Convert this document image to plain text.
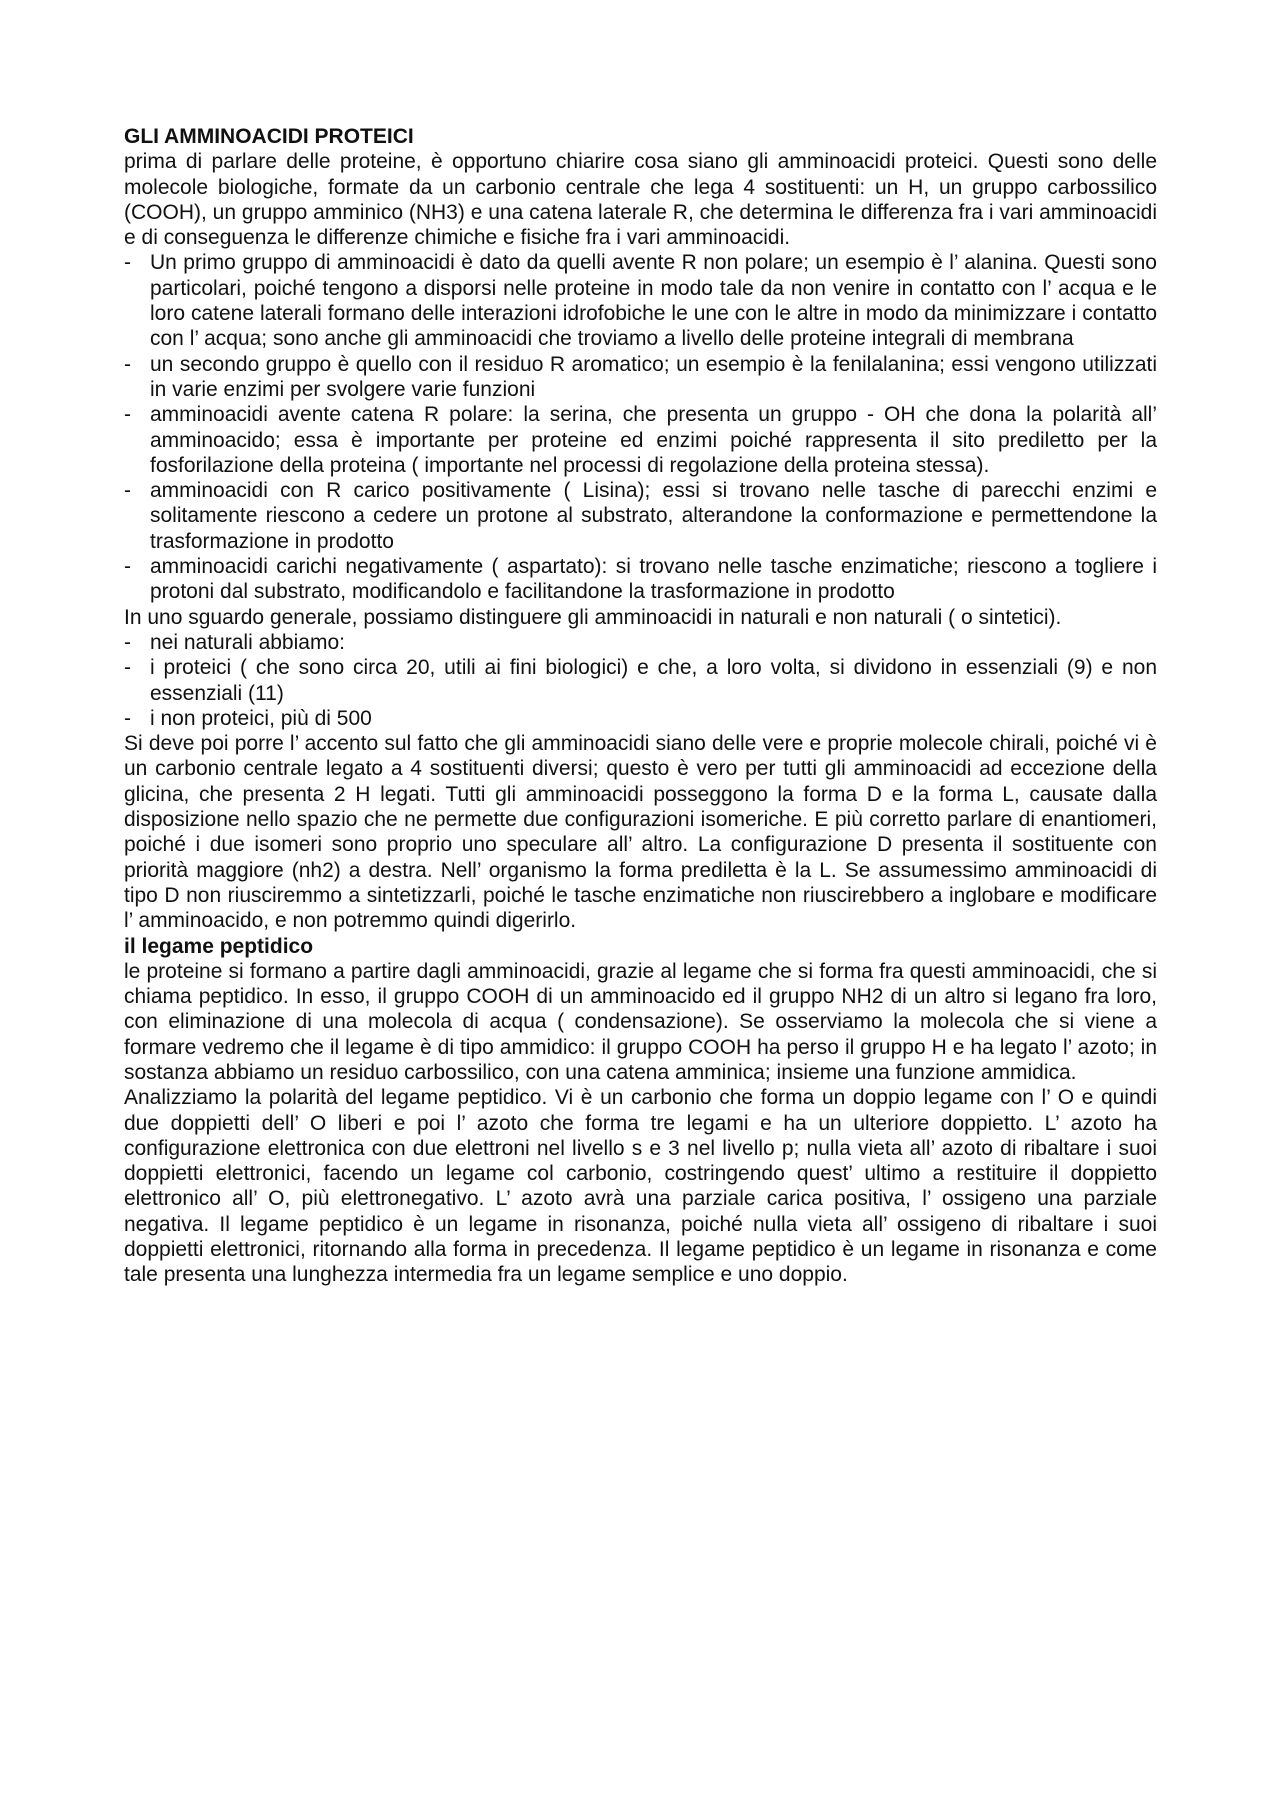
GLI AMMINOACIDI PROTEICI

prima di parlare delle proteine, è opportuno chiarire cosa siano gli amminoacidi proteici. Questi sono delle molecole biologiche, formate da un carbonio centrale che lega 4 sostituenti: un H, un gruppo carbossilico (COOH), un gruppo amminico (NH3) e una catena laterale R, che determina le differenza fra i vari amminoacidi e di conseguenza le differenze chimiche e fisiche fra i vari amminoacidi.

- Un primo gruppo di amminoacidi è dato da quelli avente R non polare; un esempio è l’ alanina. Questi sono particolari, poiché tengono a disporsi nelle proteine in modo tale da non venire in contatto con l’ acqua e le loro catene laterali formano delle interazioni idrofobiche le une con le altre in modo da minimizzare i contatto con l’ acqua; sono anche gli amminoacidi che troviamo a livello delle proteine integrali di membrana
- un secondo gruppo è quello con il residuo R aromatico; un esempio è la fenilalanina; essi vengono utilizzati in varie enzimi per svolgere varie funzioni
- amminoacidi avente catena R polare: la serina, che presenta un gruppo - OH che dona la polarità all’ amminoacido; essa è importante per proteine ed enzimi poiché rappresenta il sito prediletto per la fosforilazione della proteina ( importante nel processi di regolazione della proteina stessa).
- amminoacidi con R carico positivamente ( Lisina); essi si trovano nelle tasche di parecchi enzimi e solitamente riescono a cedere un protone al substrato, alterandone la conformazione e permettendone la trasformazione in prodotto
- amminoacidi carichi negativamente ( aspartato): si trovano nelle tasche enzimatiche; riescono a togliere i protoni dal substrato, modificandolo e facilitandone la trasformazione in prodotto

In uno sguardo generale, possiamo distinguere gli amminoacidi in naturali e non naturali ( o sintetici).

- nei naturali abbiamo:
- i proteici ( che sono circa 20, utili ai fini biologici) e che, a loro volta, si dividono in essenziali (9) e non essenziali (11)
- i non proteici, più di 500

Si deve poi porre l’ accento sul fatto che gli amminoacidi siano delle vere e proprie molecole chirali, poiché vi è un carbonio centrale legato a 4 sostituenti diversi; questo è vero per tutti gli amminoacidi ad eccezione della glicina, che presenta 2 H legati. Tutti gli amminoacidi posseggono la forma D e la forma L, causate dalla disposizione nello spazio che ne permette due configurazioni isomeriche. E più corretto parlare di enantiomeri, poiché i due isomeri sono proprio uno speculare all’ altro. La configurazione D presenta il sostituente con priorità maggiore (nh2) a destra. Nell’ organismo la forma prediletta è la L. Se assumessimo amminoacidi di tipo D non riusciremmo a sintetizzarli, poiché le tasche enzimatiche non riuscirebbero a inglobare e modificare l’ amminoacido, e non potremmo quindi digerirlo.

il legame peptidico

le proteine si formano a partire dagli amminoacidi, grazie al legame che si forma fra questi amminoacidi, che si chiama peptidico. In esso, il gruppo COOH di un amminoacido ed il gruppo NH2 di un altro si legano fra loro, con eliminazione di una molecola di acqua ( condensazione). Se osserviamo la molecola che si viene a formare vedremo che il legame è di tipo ammidico: il gruppo COOH ha perso il gruppo H e ha legato l’ azoto; in sostanza abbiamo un residuo carbossilico, con una catena amminica; insieme una funzione ammidica.

Analizziamo la polarità del legame peptidico. Vi è un carbonio che forma un doppio legame con l’ O e quindi due doppietti dell’ O liberi e poi l’ azoto che forma tre legami e ha un ulteriore doppietto. L’ azoto ha configurazione elettronica con due elettroni nel livello s e 3 nel livello p; nulla vieta all’ azoto di ribaltare i suoi doppietti elettronici, facendo un legame col carbonio, costringendo quest’ ultimo a restituire il doppietto elettronico all’ O, più elettronegativo. L’ azoto avrà una parziale carica positiva, l’ ossigeno una parziale negativa. Il legame peptidico è un legame in risonanza, poiché nulla vieta all’ ossigeno di ribaltare i suoi doppietti elettronici, ritornando alla forma in precedenza. Il legame peptidico è un legame in risonanza e come tale presenta una lunghezza intermedia fra un legame semplice e uno doppio.
